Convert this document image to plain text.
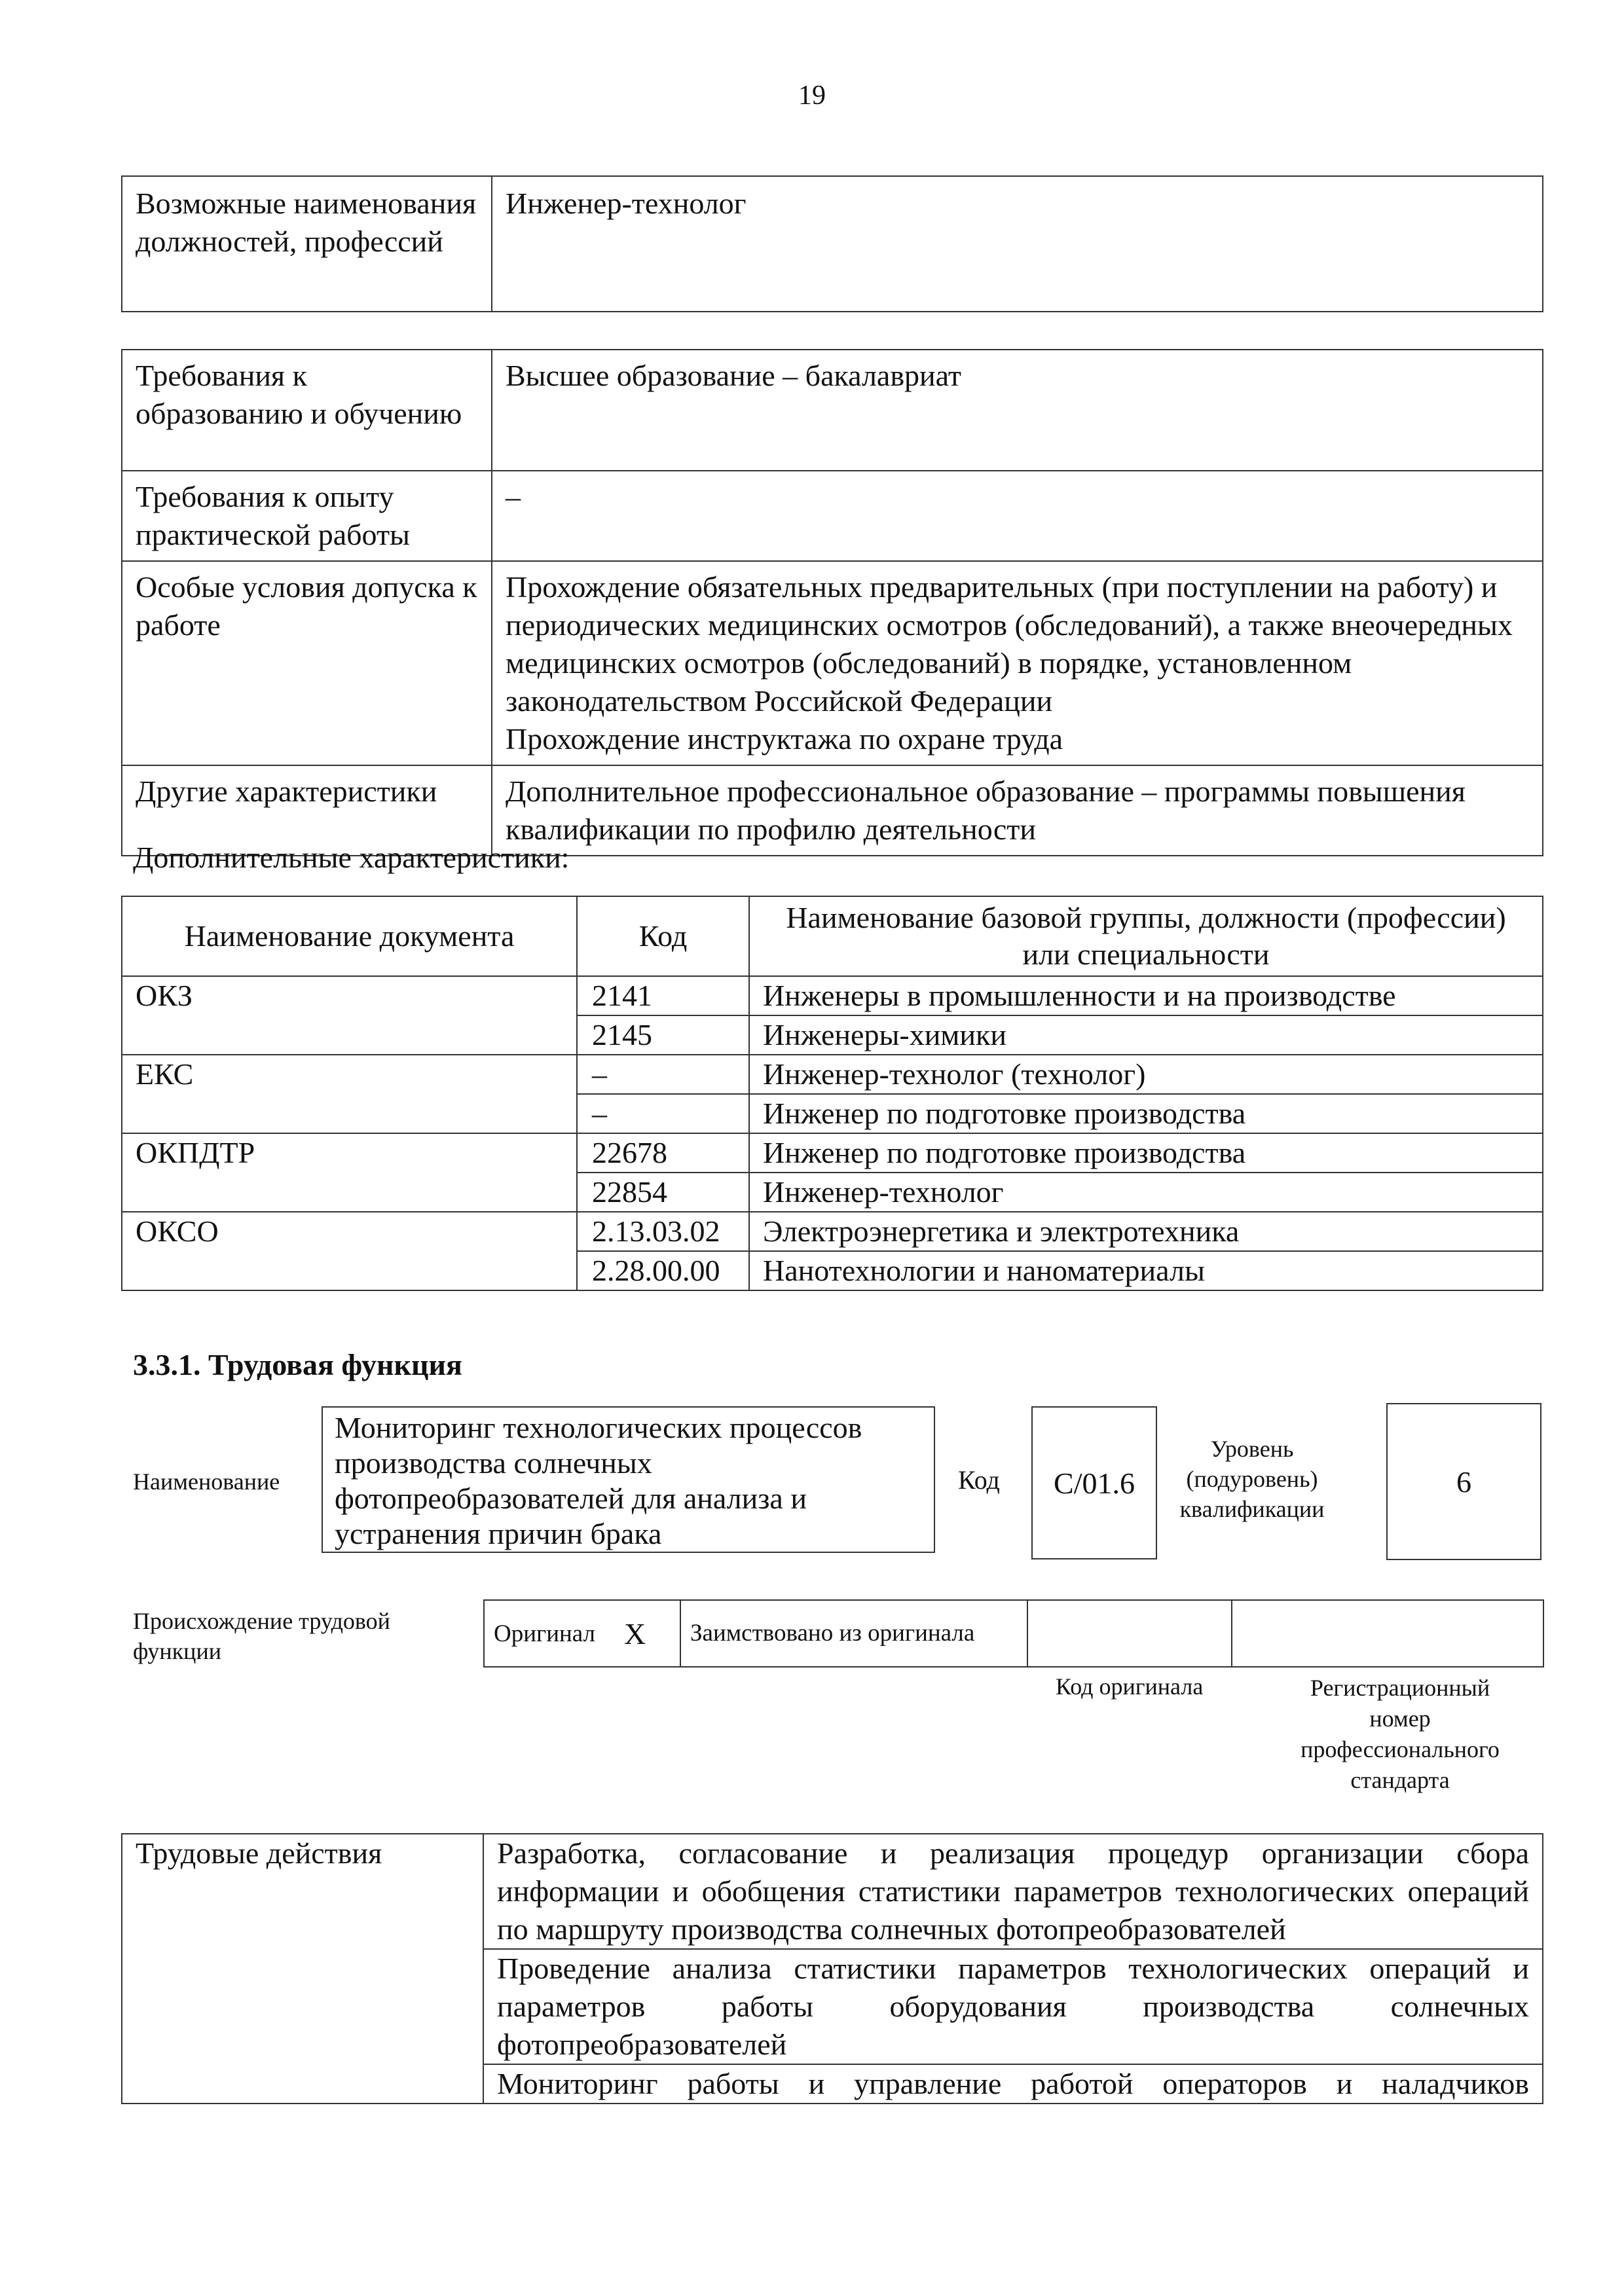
19
Возможные наименования должностей, профессий	Инженер-технолог
Требования к образованию и обучению	Высшее образование – бакалавриат
Требования к опыту практической работы	–
Особые условия допуска к работе	Прохождение обязательных предварительных (при поступлении на работу) и периодических медицинских осмотров (обследований), а также внеочередных медицинских осмотров (обследований) в порядке, установленном законодательством Российской Федерации
Прохождение инструктажа по охране труда

Другие характеристики	Дополнительное профессиональное образование – программы повышения квалификации по профилю деятельности
Дополнительные характеристики:
Наименование документа	Код	Наименование базовой группы, должности (профессии) или специальности
ОКЗ	2141	Инженеры в промышленности и на производстве
	2145	Инженеры-химики
ЕКС	–	Инженер-технолог (технолог)
	–	Инженер по подготовке производства
ОКПДТР	22678	Инженер по подготовке производства
	22854	Инженер-технолог
ОКСО	2.13.03.02	Электроэнергетика и электротехника
	2.28.00.00	Нанотехнологии и наноматериалы
3.3.1. Трудовая функция
Наименование
Мониторинг технологических процессов производства солнечных фотопреобразователей для анализа и устранения причин брака
Код	C/01.6
Уровень (подуровень) квалификации
6
Происхождение трудовой функции
Оригинал	X	Заимствовано из оригинала		
Код оригинала	Регистрационный номер профессионального стандарта
Трудовые действия	Разработка, согласование и реализация процедур организации сбора информации и обобщения статистики параметров технологических операций по маршруту производства солнечных фотопреобразователей
Проведение анализа статистики параметров технологических операций и параметров работы оборудования производства солнечных фотопреобразователей
Мониторинг работы и управление работой операторов и наладчиков
